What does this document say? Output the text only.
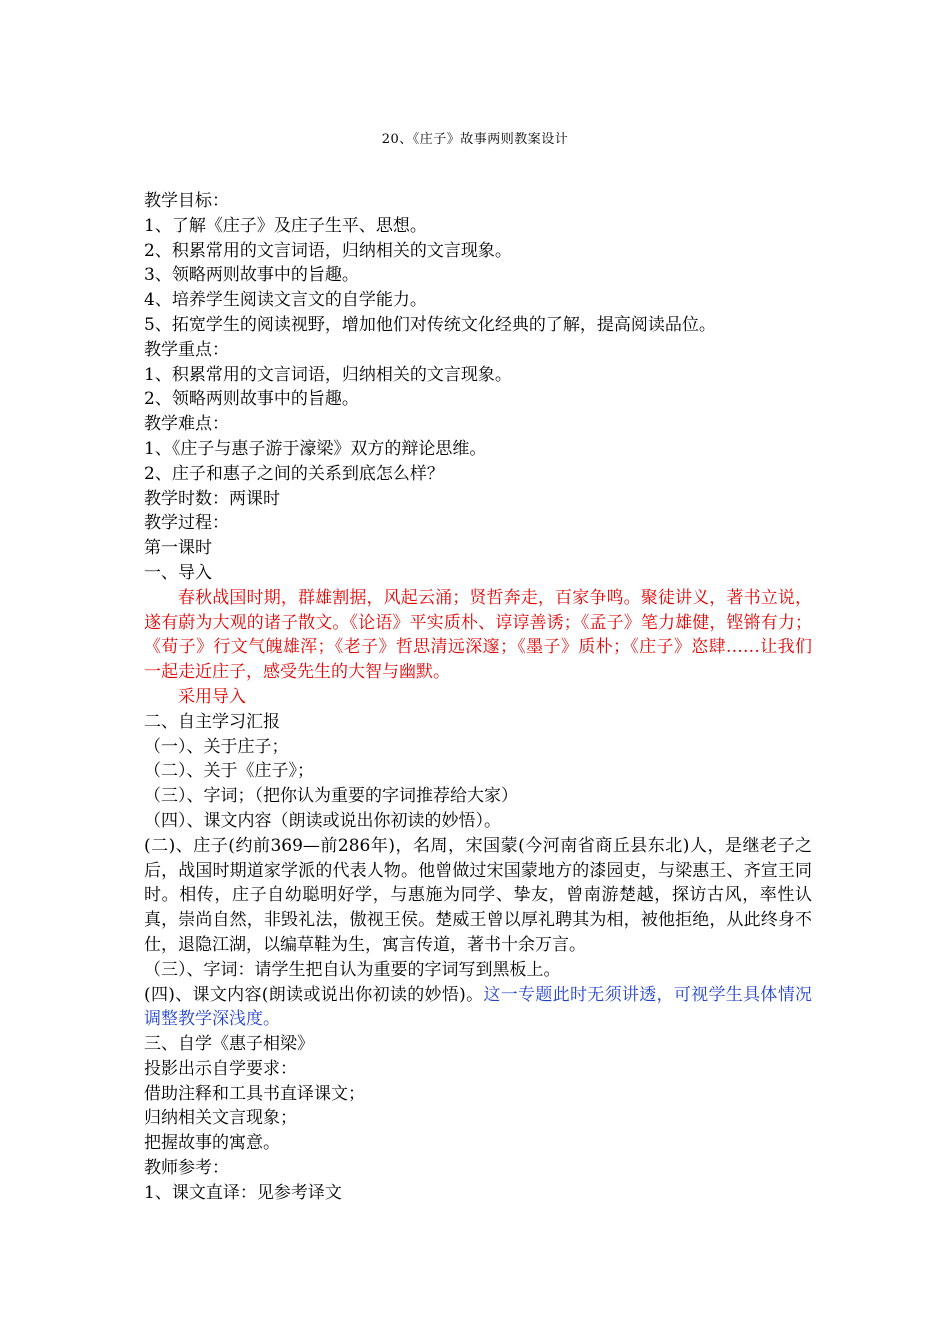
20、《庄子》故事两则教案设计
教学目标：
1、了解《庄子》及庄子生平、思想。
2、积累常用的文言词语，归纳相关的文言现象。
3、领略两则故事中的旨趣。
4、培养学生阅读文言文的自学能力。
5、拓宽学生的阅读视野，增加他们对传统文化经典的了解，提高阅读品位。
教学重点：
1、积累常用的文言词语，归纳相关的文言现象。
2、领略两则故事中的旨趣。
教学难点：
1、《庄子与惠子游于濠梁》双方的辩论思维。
2、庄子和惠子之间的关系到底怎么样？
教学时数：两课时
教学过程：
第一课时
一、导入
春秋战国时期，群雄割据，风起云涌；贤哲奔走，百家争鸣。聚徒讲义，著书立说，遂有蔚为大观的诸子散文。《论语》平实质朴、谆谆善诱；《孟子》笔力雄健，铿锵有力；《荀子》行文气魄雄浑；《老子》哲思清远深邃；《墨子》质朴；《庄子》恣肆……让我们一起走近庄子，感受先生的大智与幽默。
采用导入
二、自主学习汇报
（一）、关于庄子；
（二）、关于《庄子》；
（三）、字词；（把你认为重要的字词推荐给大家）
（四）、课文内容（朗读或说出你初读的妙悟）。
(二)、庄子(约前369—前286年)，名周，宋国蒙(今河南省商丘县东北)人，是继老子之后，战国时期道家学派的代表人物。他曾做过宋国蒙地方的漆园吏，与梁惠王、齐宣王同时。相传，庄子自幼聪明好学，与惠施为同学、挚友，曾南游楚越，探访古风，率性认真，崇尚自然，非毁礼法，傲视王侯。楚威王曾以厚礼聘其为相，被他拒绝，从此终身不仕，退隐江湖，以编草鞋为生，寓言传道，著书十余万言。
（三）、字词：请学生把自认为重要的字词写到黑板上。
(四)、课文内容(朗读或说出你初读的妙悟)。这一专题此时无须讲透，可视学生具体情况调整教学深浅度。
三、自学《惠子相梁》
投影出示自学要求：
借助注释和工具书直译课文；
归纳相关文言现象；
把握故事的寓意。
教师参考：
1、课文直译：见参考译文
